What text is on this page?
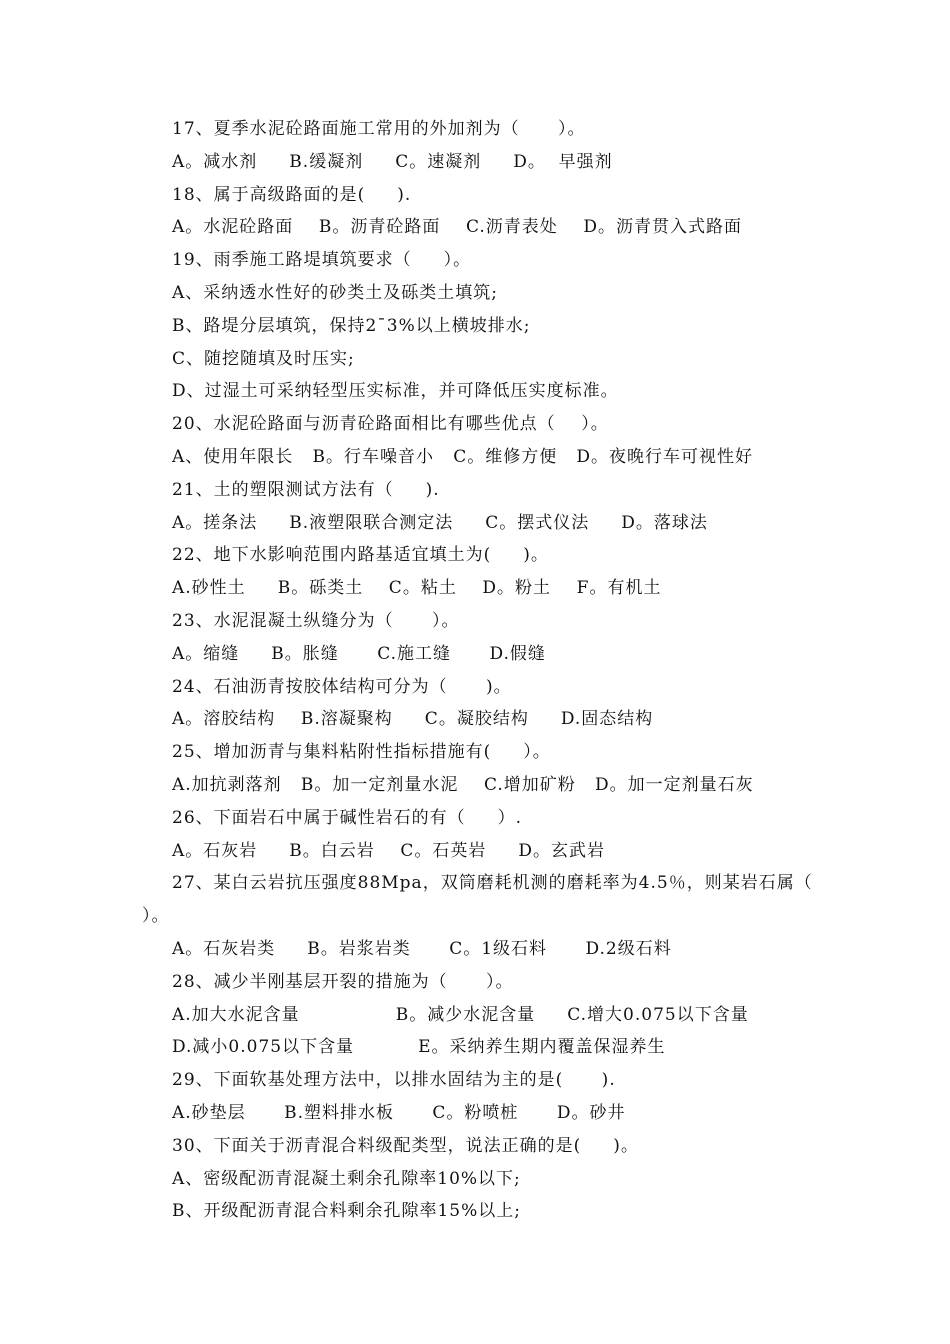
17、夏季水泥砼路面施工常用的外加剂为（      ）。
A。减水剂     B.缓凝剂     C。速凝剂     D。  早强剂
18、属于高级路面的是(     ).
A。水泥砼路面    B。沥青砼路面    C.沥青表处    D。沥青贯入式路面
19、雨季施工路堤填筑要求（     ）。
A、采纳透水性好的砂类土及砾类土填筑;
B、路堤分层填筑，保持2¯3%以上横坡排水;
C、随挖随填及时压实;
D、过湿土可采纳轻型压实标准，并可降低压实度标准。
20、水泥砼路面与沥青砼路面相比有哪些优点（    ）。
A、使用年限长   B。行车噪音小   C。维修方便   D。夜晚行车可视性好
21、土的塑限测试方法有（     ).
A。搓条法     B.液塑限联合测定法     C。摆式仪法     D。落球法
22、地下水影响范围内路基适宜填土为(     )。
A.砂性土     B。砾类土    C。粘土    D。粉土    F。有机土
23、水泥混凝土纵缝分为（      ）。
A。缩缝     B。胀缝      C.施工缝      D.假缝
24、石油沥青按胶体结构可分为（      )。
A。溶胶结构    B.溶凝聚构     C。凝胶结构     D.固态结构
25、增加沥青与集料粘附性指标措施有(     ）。
A.加抗剥落剂   B。加一定剂量水泥    C.增加矿粉   D。加一定剂量石灰
26、下面岩石中属于碱性岩石的有（     ）.
A。石灰岩     B。白云岩    C。石英岩     D。玄武岩
27、某白云岩抗压强度88Mpa，双筒磨耗机测的磨耗率为4.5％，则某岩石属（
）。
A。石灰岩类     B。岩浆岩类      C。1级石料      D.2级石料
28、减少半刚基层开裂的措施为（      ）。
A.加大水泥含量               B。减少水泥含量     C.增大0.075以下含量
D.减小0.075以下含量          E。采纳养生期内覆盖保湿养生
29、下面软基处理方法中，以排水固结为主的是(      ).
A.砂垫层      B.塑料排水板      C。粉喷桩      D。砂井
30、下面关于沥青混合料级配类型，说法正确的是(     )。
A、密级配沥青混凝土剩余孔隙率10%以下;
B、开级配沥青混合料剩余孔隙率15%以上;
